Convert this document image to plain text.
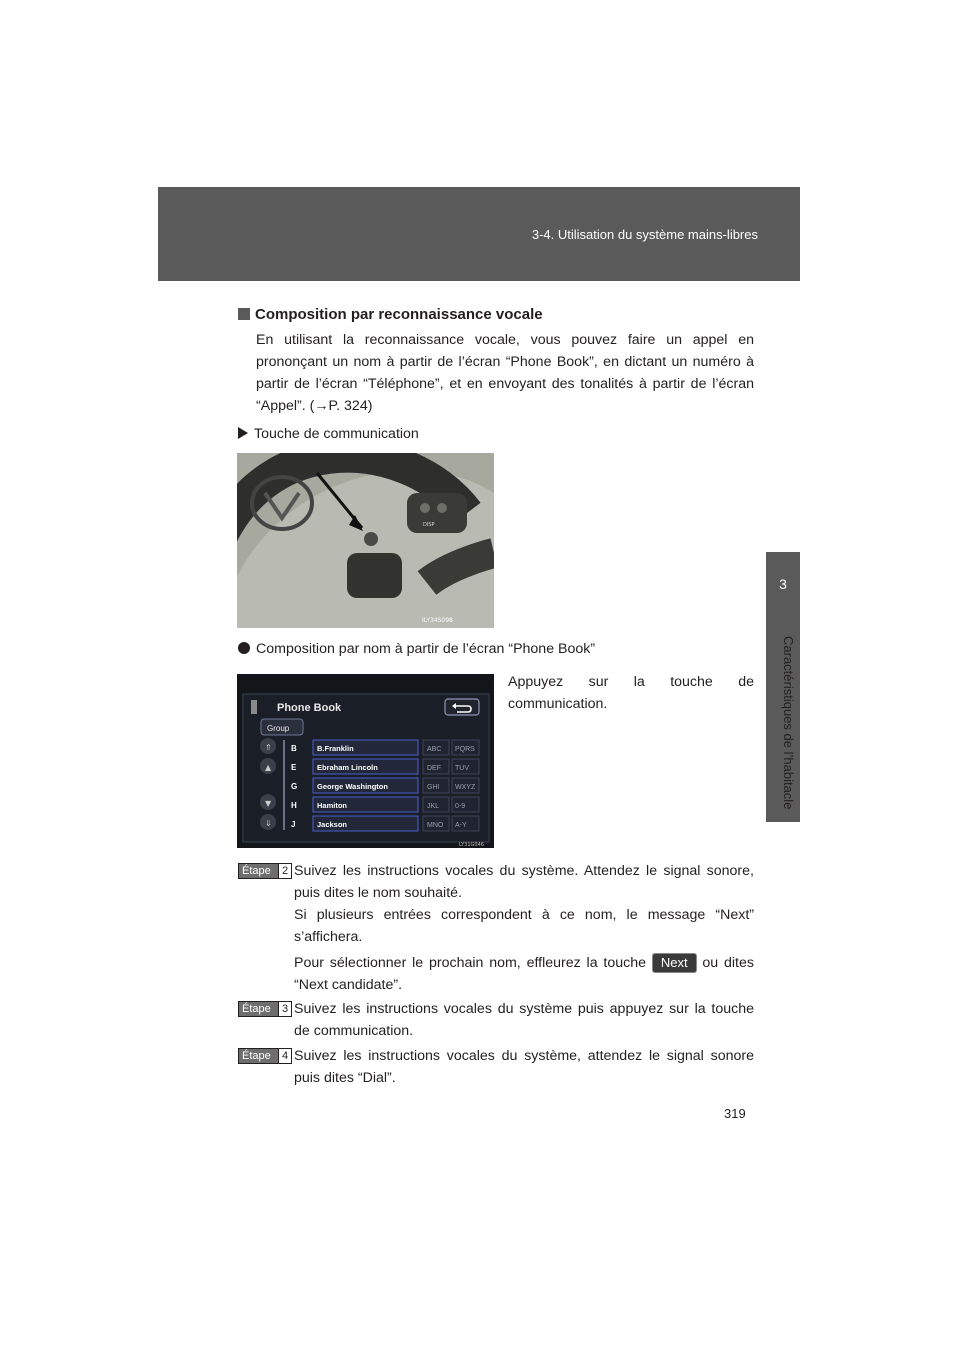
3-4. Utilisation du système mains-libres
3
Caractéristiques de l’habitacle
Composition par reconnaissance vocale
En utilisant la reconnaissance vocale, vous pouvez faire un appel en prononçant un nom à partir de l’écran “Phone Book”, en dictant un numéro à partir de l’écran “Téléphone”, et en envoyant des tonalités à partir de l’écran “Appel”. (→P. 324)
Touche de communication
DISP
ILY34S098
Composition par nom à partir de l’écran “Phone Book”
Phone Book
Group
⇑
▲
▼
⇓
B	B.Franklin	ABC PQRS
E	Ebraham Lincoln	DEF TUV
G	George Washington	GHI WXYZ
H	Hamiton	JKL 0-9
J	Jackson	MNO A-Y
LY31G046
Appuyez sur la touche de communication.
Étape	2 Suivez les instructions vocales du système. Attendez le signal sonore, puis dites le nom souhaité.
Si plusieurs entrées correspondent à ce nom, le message “Next” s’affichera.
Pour sélectionner le prochain nom, effleurez la touche Next ou dites “Next candidate”.
Étape	3 Suivez les instructions vocales du système puis appuyez sur la touche de communication.
Étape	4 Suivez les instructions vocales du système, attendez le signal sonore puis dites “Dial”.
319
